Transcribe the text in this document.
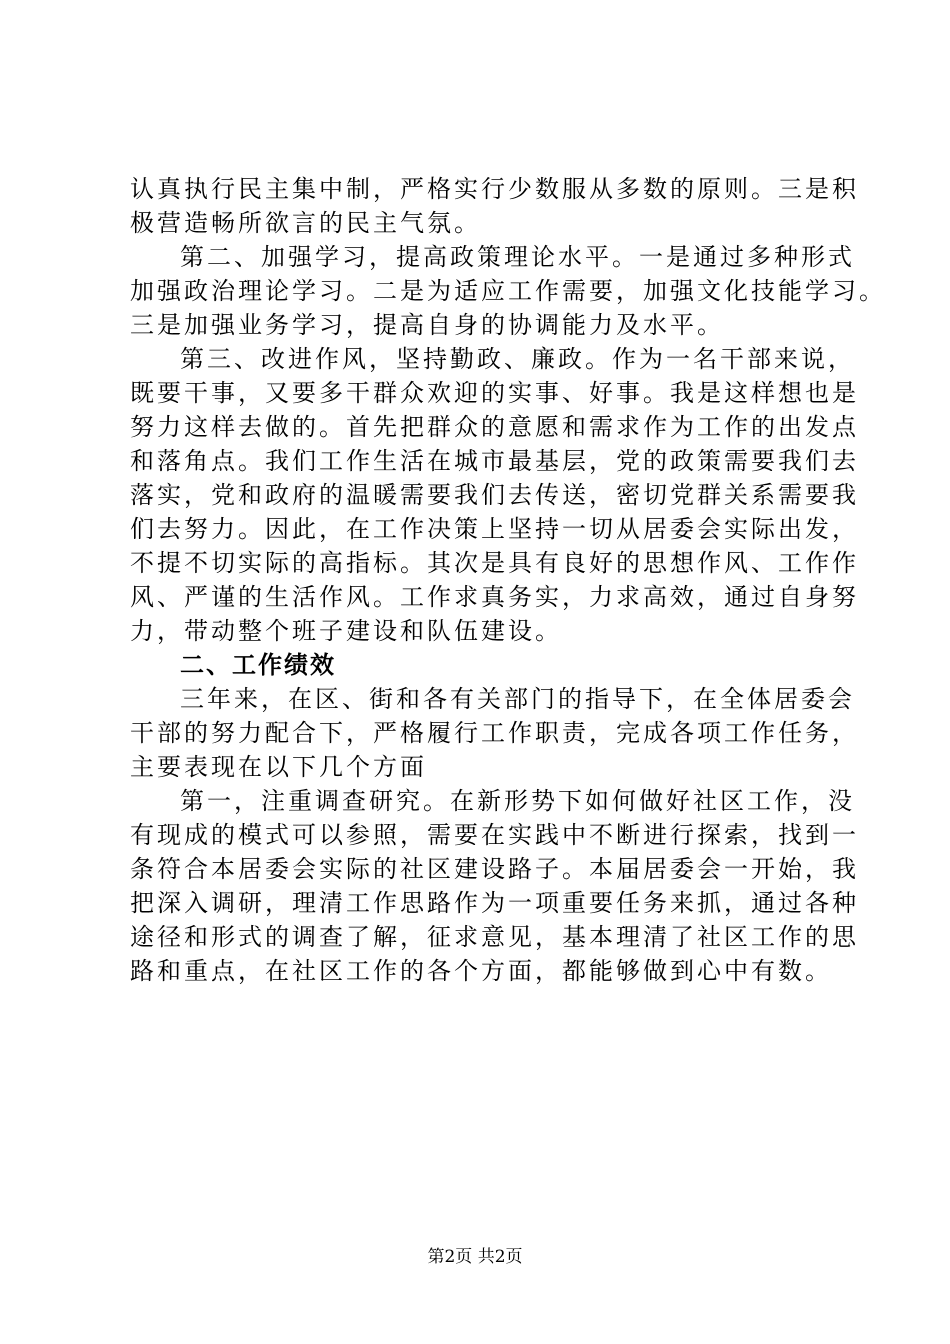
认真执行民主集中制，严格实行少数服从多数的原则。三是积
极营造畅所欲言的民主气氛。
第二、加强学习，提高政策理论水平。一是通过多种形式
加强政治理论学习。二是为适应工作需要，加强文化技能学习。
三是加强业务学习，提高自身的协调能力及水平。
第三、改进作风，坚持勤政、廉政。作为一名干部来说，
既要干事，又要多干群众欢迎的实事、好事。我是这样想也是
努力这样去做的。首先把群众的意愿和需求作为工作的出发点
和落角点。我们工作生活在城市最基层，党的政策需要我们去
落实，党和政府的温暖需要我们去传送，密切党群关系需要我
们去努力。因此，在工作决策上坚持一切从居委会实际出发，
不提不切实际的高指标。其次是具有良好的思想作风、工作作
风、严谨的生活作风。工作求真务实，力求高效，通过自身努
力，带动整个班子建设和队伍建设。
二、工作绩效
三年来，在区、街和各有关部门的指导下，在全体居委会
干部的努力配合下，严格履行工作职责，完成各项工作任务，
主要表现在以下几个方面
第一，注重调查研究。在新形势下如何做好社区工作，没
有现成的模式可以参照，需要在实践中不断进行探索，找到一
条符合本居委会实际的社区建设路子。本届居委会一开始，我
把深入调研，理清工作思路作为一项重要任务来抓，通过各种
途径和形式的调查了解，征求意见，基本理清了社区工作的思
路和重点，在社区工作的各个方面，都能够做到心中有数。
第2页 共2页
